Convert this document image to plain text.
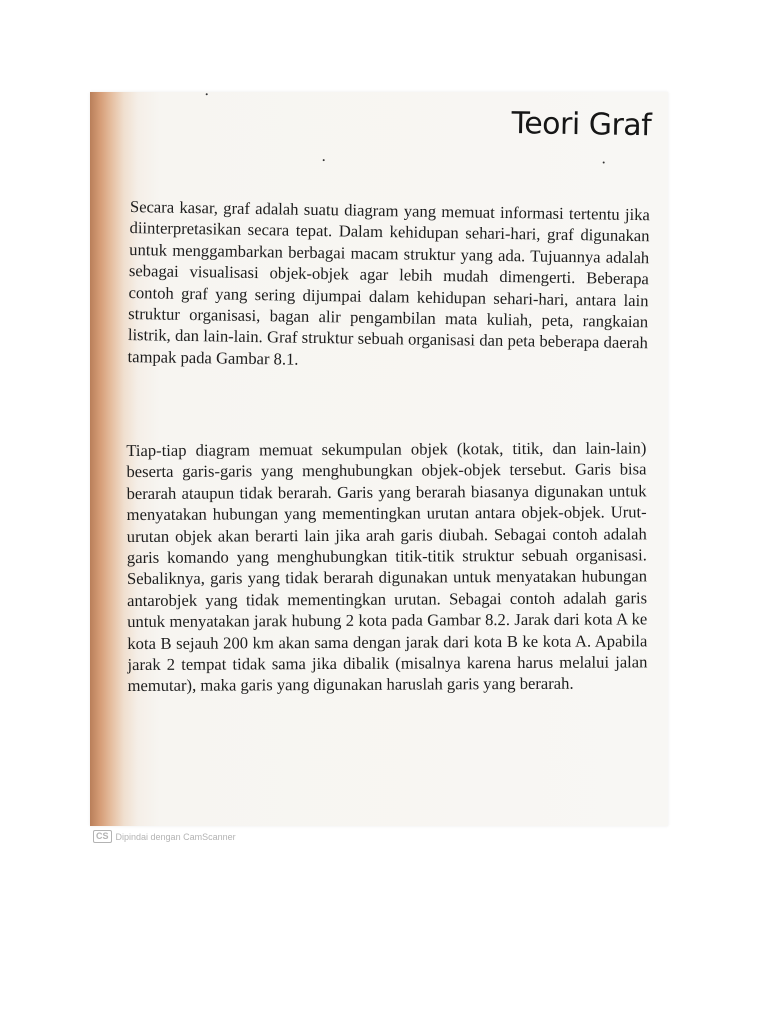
Teori Graf

Secara kasar, graf adalah suatu diagram yang memuat informasi tertentu jika diinterpretasikan secara tepat. Dalam kehidupan sehari-hari, graf digunakan untuk menggambarkan berbagai macam struktur yang ada. Tujuannya adalah sebagai visualisasi objek-objek agar lebih mudah dimengerti. Beberapa contoh graf yang sering dijumpai dalam kehidupan sehari-hari, antara lain struktur organisasi, bagan alir pengambilan mata kuliah, peta, rangkaian listrik, dan lain-lain. Graf struktur sebuah organisasi dan peta beberapa daerah tampak pada Gambar 8.1.

Tiap-tiap diagram memuat sekumpulan objek (kotak, titik, dan lain-lain) beserta garis-garis yang menghubungkan objek-objek tersebut. Garis bisa berarah ataupun tidak berarah. Garis yang berarah biasanya digunakan untuk menyatakan hubungan yang mementingkan urutan antara objek-objek. Urut-urutan objek akan berarti lain jika arah garis diubah. Sebagai contoh adalah garis komando yang menghubungkan titik-titik struktur sebuah organisasi. Sebaliknya, garis yang tidak berarah digunakan untuk menyatakan hubungan antarobjek yang tidak mementingkan urutan. Sebagai contoh adalah garis untuk menyatakan jarak hubung 2 kota pada Gambar 8.2. Jarak dari kota A ke kota B sejauh 200 km akan sama dengan jarak dari kota B ke kota A. Apabila jarak 2 tempat tidak sama jika dibalik (misalnya karena harus melalui jalan memutar), maka garis yang digunakan haruslah garis yang berarah.

CS Dipindai dengan CamScanner
